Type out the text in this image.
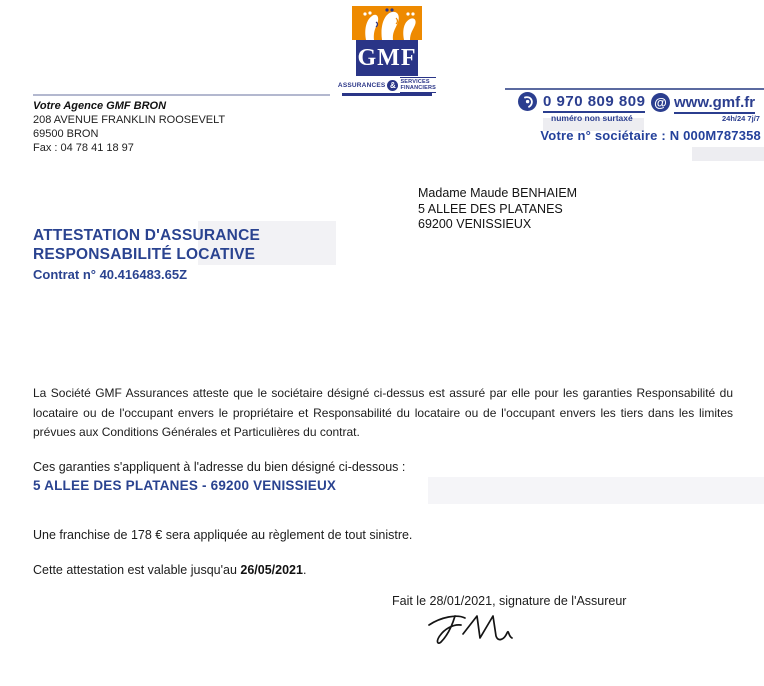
GMF
ASSURANCES & SERVICES
FINANCIERS
Votre Agence GMF BRON
208 AVENUE FRANKLIN ROOSEVELT
69500 BRON
Fax : 04 78 41 18 97
0 970 809 809
numéro non surtaxé
@ www.gmf.fr
24h/24 7j/7
Votre n° sociétaire : N 000M787358
Madame Maude BENHAIEM
5 ALLEE DES PLATANES
69200 VENISSIEUX
ATTESTATION D'ASSURANCE
RESPONSABILITÉ LOCATIVE
Contrat n° 40.416483.65Z
La Société GMF Assurances atteste que le sociétaire désigné ci-dessus est assuré par elle pour les garanties Responsabilité du locataire ou de l'occupant envers le propriétaire et Responsabilité du locataire ou de l'occupant envers les tiers dans les limites prévues aux Conditions Générales et Particulières du contrat.
Ces garanties s'appliquent à l'adresse du bien désigné ci-dessous :
5 ALLEE DES PLATANES - 69200 VENISSIEUX
Une franchise de 178 € sera appliquée au règlement de tout sinistre.
Cette attestation est valable jusqu'au 26/05/2021.
Fait le 28/01/2021, signature de l'Assureur
